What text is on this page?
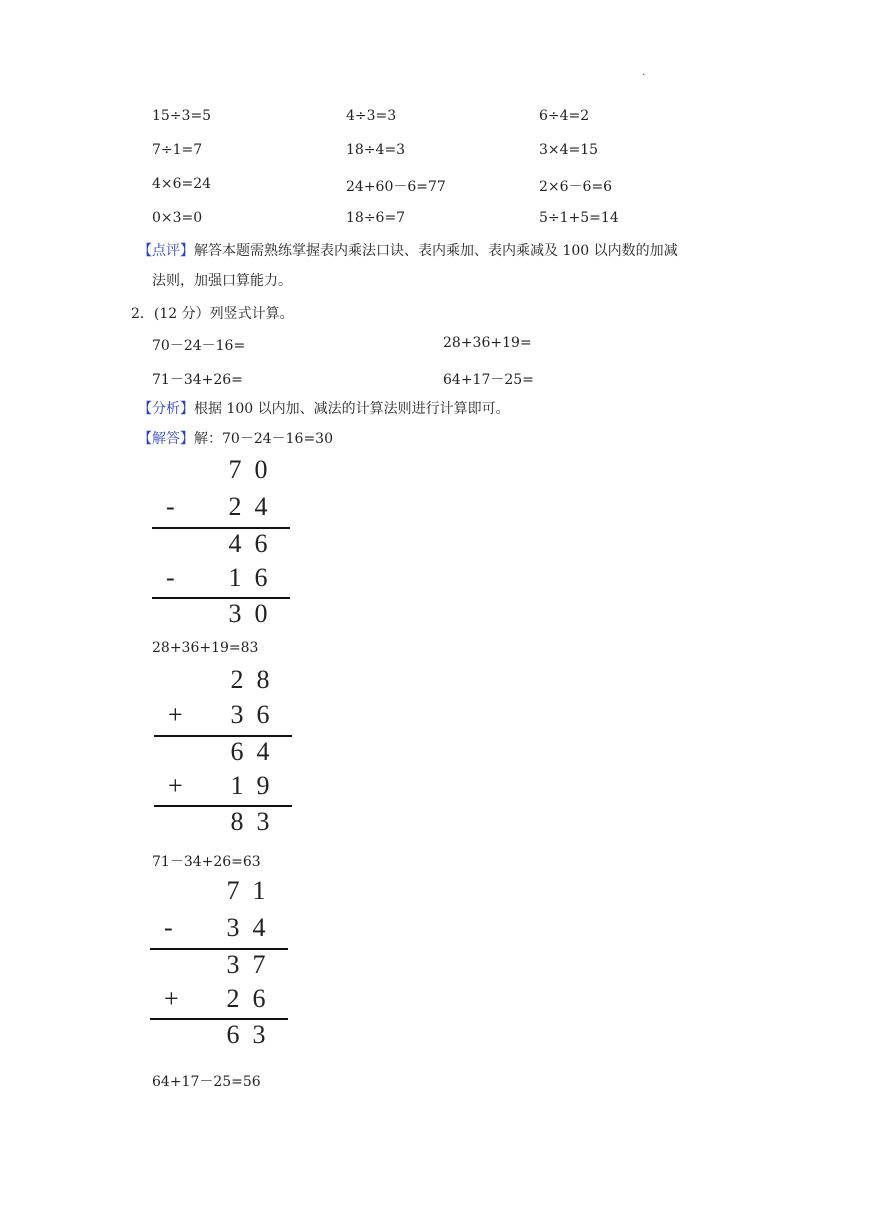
·
15÷3=5	4÷3=3	6÷4=2
7÷1=7	18÷4=3	3×4=15
4×6=24	24+60－6=77	2×6－6=6
0×3=0	18÷6=7	5÷1+5=14
【点评】解答本题需熟练掌握表内乘法口诀、表内乘加、表内乘减及 100 以内数的加减
法则，加强口算能力。
2．(12 分）列竖式计算。
70－24－16=	28+36+19=
71－34+26=	64+17－25=
【分析】根据 100 以内加、减法的计算法则进行计算即可。
【解答】解：70－24－16=30
7 0
- 2 4
4 6
- 1 6
3 0
28+36+19=83
2 8
+ 3 6
6 4
+ 1 9
8 3
71－34+26=63
7 1
- 3 4
3 7
+ 2 6
6 3
64+17－25=56
